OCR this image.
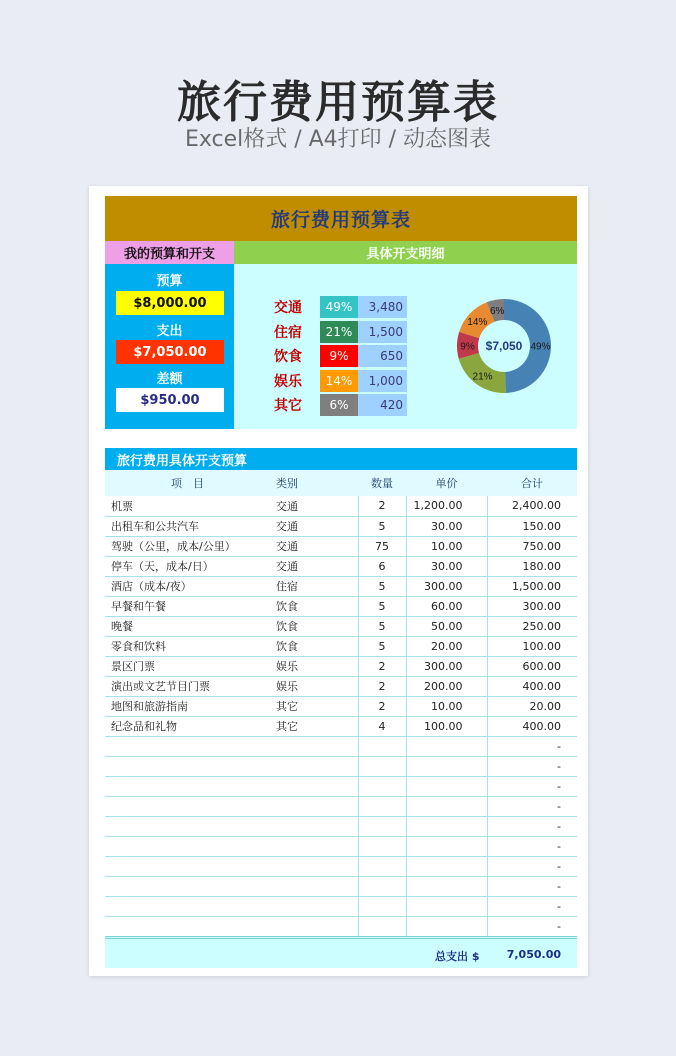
旅行费用预算表
Excel格式 / A4打印 / 动态图表
旅行费用预算表
我的预算和开支	具体开支明细
预算
$8,000.00
支出
$7,050.00
差额
$950.00
交通	49%	3,480
住宿	21%	1,500
饮食	9%	650
娱乐	14%	1,000
其它	6%	420
49%
21%
9%
14%
6%
$7,050
旅行费用具体开支预算
项　目	类别	数量	单价	合计
机票	交通	2	1,200.00	2,400.00
出租车和公共汽车	交通	5	30.00	150.00
驾驶（公里，成本/公里）	交通	75	10.00	750.00
停车（天，成本/日）	交通	6	30.00	180.00
酒店（成本/夜）	住宿	5	300.00	1,500.00
早餐和午餐	饮食	5	60.00	300.00
晚餐	饮食	5	50.00	250.00
零食和饮料	饮食	5	20.00	100.00
景区门票	娱乐	2	300.00	600.00
演出或文艺节目门票	娱乐	2	200.00	400.00
地图和旅游指南	其它	2	10.00	20.00
纪念品和礼物	其它	4	100.00	400.00
				-
				-
				-
				-
				-
				-
				-
				-
				-
				-
总支出 $ 7,050.00
